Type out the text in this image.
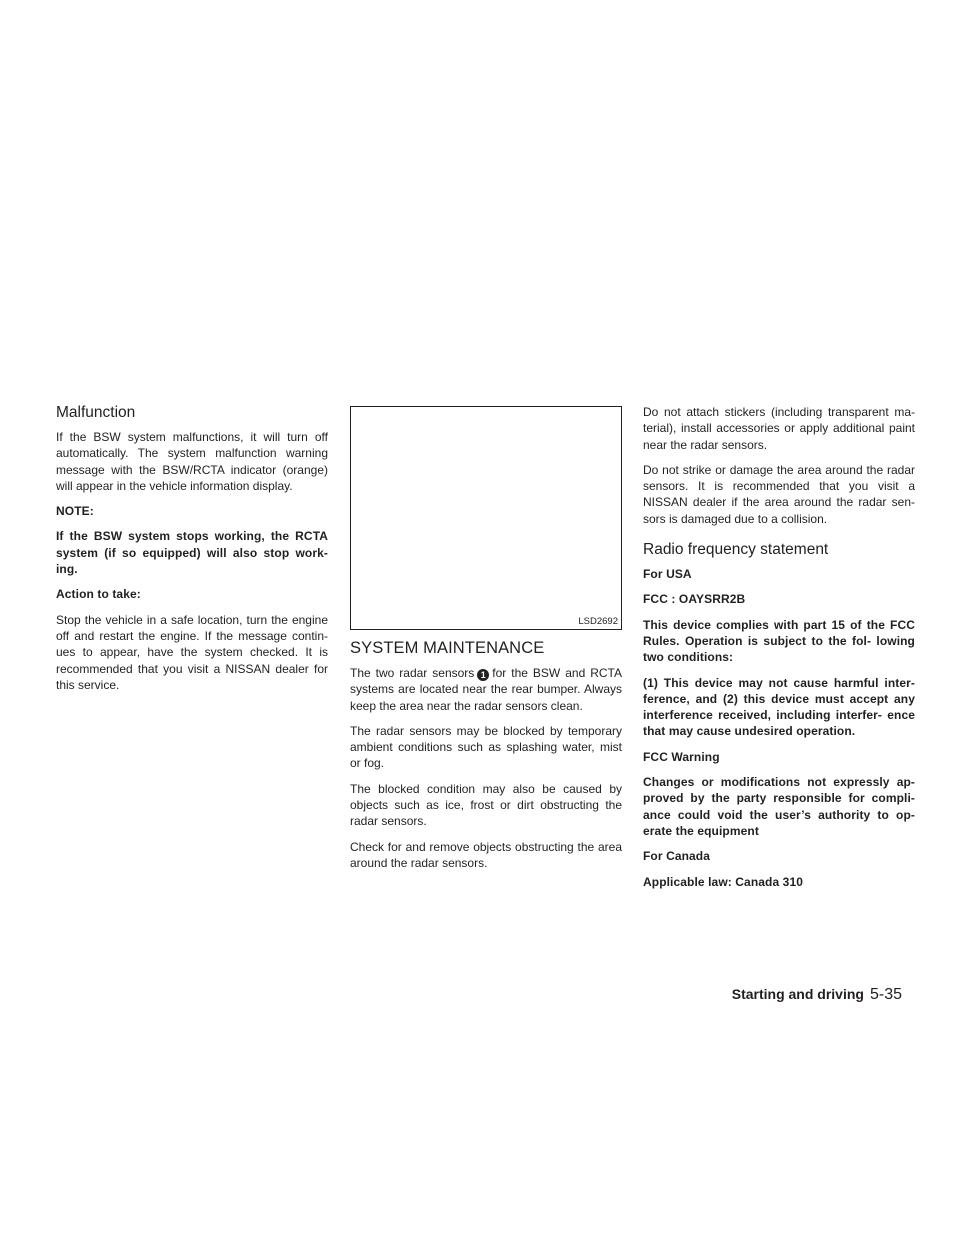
Malfunction

If the BSW system malfunctions, it will turn off automatically. The system malfunction warning message with the BSW/RCTA indicator (orange) will appear in the vehicle information display.

NOTE:

If the BSW system stops working, the RCTA system (if so equipped) will also stop work- ing.

Action to take:

Stop the vehicle in a safe location, turn the engine off and restart the engine. If the message contin- ues to appear, have the system checked. It is recommended that you visit a NISSAN dealer for this service.

LSD2692
SYSTEM MAINTENANCE

The two radar sensors 1 for the BSW and RCTA systems are located near the rear bumper. Always keep the area near the radar sensors clean.

The radar sensors may be blocked by temporary ambient conditions such as splashing water, mist or fog.

The blocked condition may also be caused by objects such as ice, frost or dirt obstructing the radar sensors.

Check for and remove objects obstructing the area around the radar sensors.

Do not attach stickers (including transparent ma- terial), install accessories or apply additional paint near the radar sensors.

Do not strike or damage the area around the radar sensors. It is recommended that you visit a NISSAN dealer if the area around the radar sen- sors is damaged due to a collision.

Radio frequency statement

For USA

FCC : OAYSRR2B

This device complies with part 15 of the FCC Rules. Operation is subject to the fol- lowing two conditions:

(1) This device may not cause harmful inter- ference, and (2) this device must accept any interference received, including interfer- ence that may cause undesired operation.

FCC Warning

Changes or modifications not expressly ap- proved by the party responsible for compli- ance could void the user’s authority to op- erate the equipment

For Canada

Applicable law: Canada 310

Starting and driving 5-35
